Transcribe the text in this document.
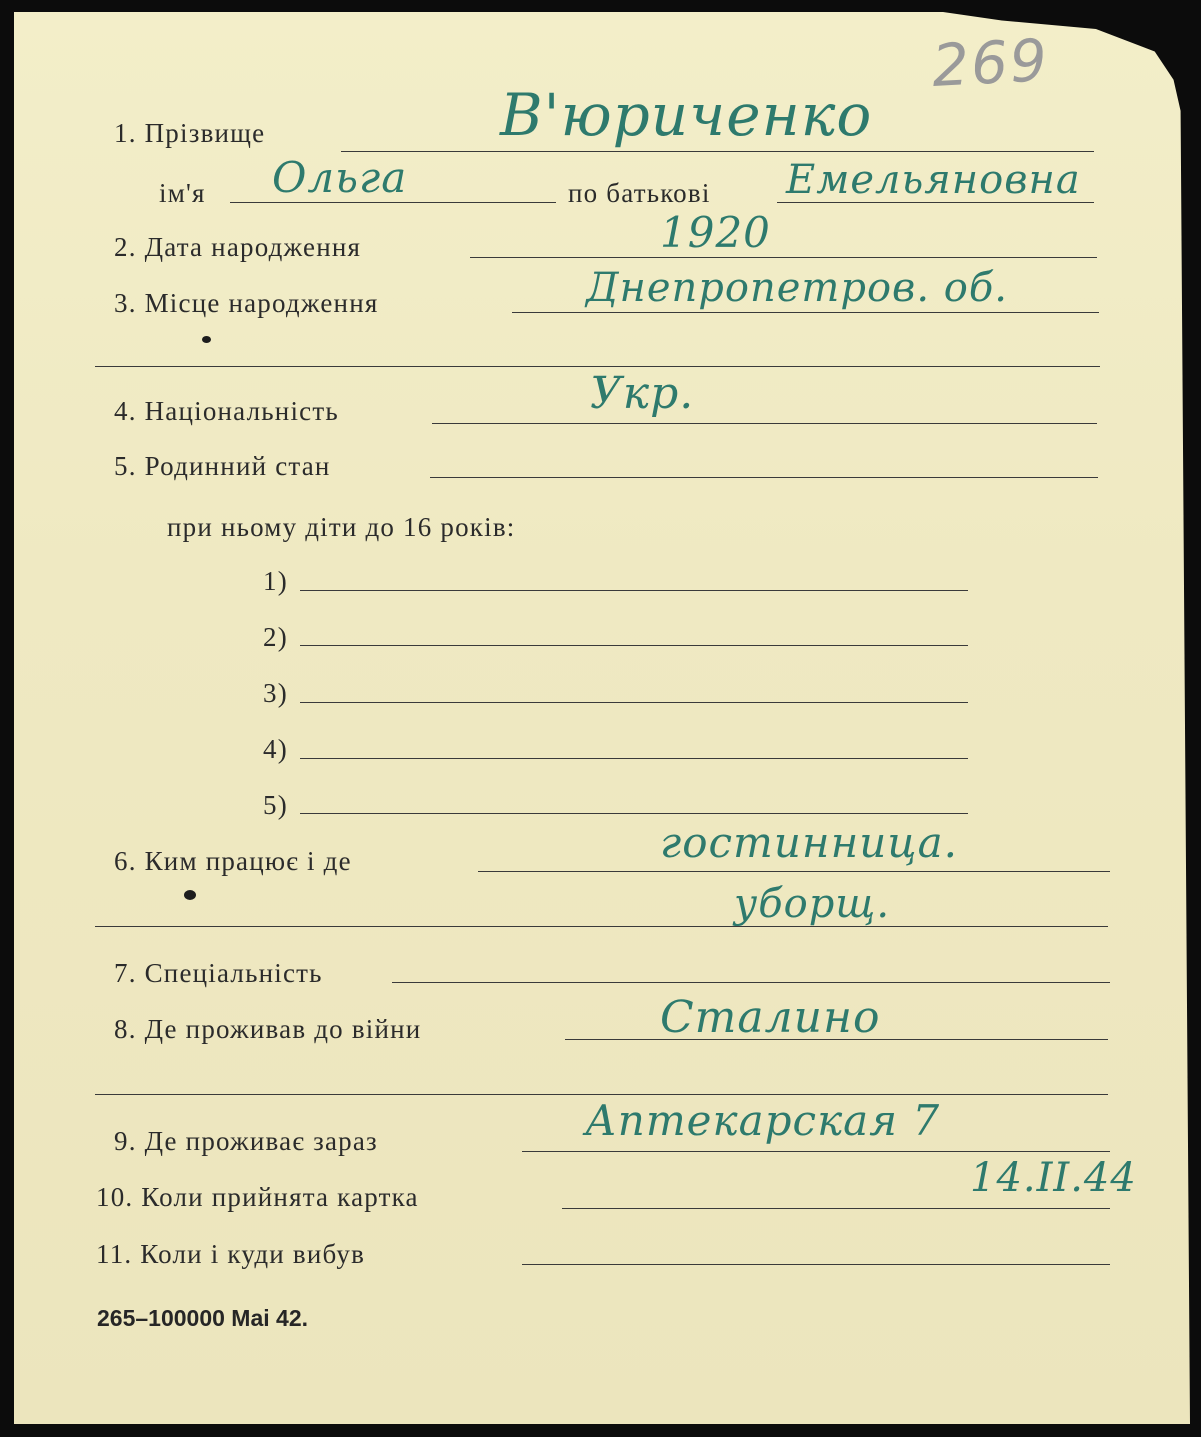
269
1. Прізвище	В'юриченко
ім'я Ольга	по батькові Емельяновна
2. Дата народження	1920
3. Місце народження	Днепропетров. об.
4. Національність	Укр.
5. Родинний стан
при ньому діти до 16 років:
1)
2)
3)
4)
5)
6. Ким працює і де	гостинница.
уборщ.
7. Спеціальність
8. Де проживав до війни	Сталино
9. Де проживає зараз	Аптекарская 7
10. Коли прийнята картка	14.II.44
11. Коли і куди вибув
265–100000 Mai 42.
